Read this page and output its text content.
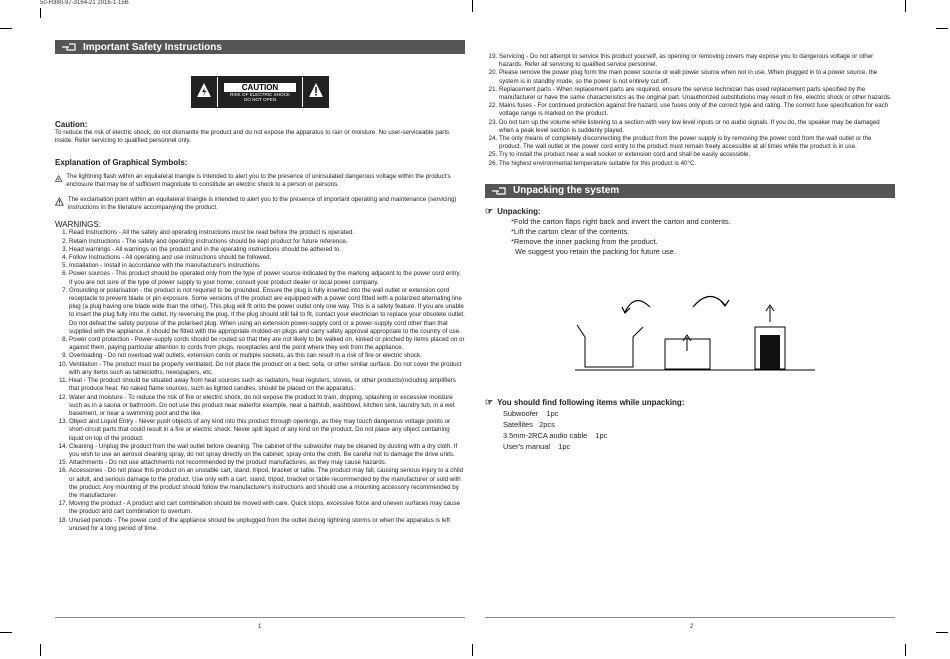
50-H380-97-3164-21 2016-1-15B
Important Safety Instructions
CAUTION
RISK OF ELECTRIC SHOCK
DO NOT OPEN
Caution:
To reduce the risk of electric shock, do not dismantle the product and do not expose the apparatus to rain or moisture. No user-serviceable parts inside. Refer servicing to qualified personnel only.
Explanation of Graphical Symbols:
The lightning flash within an equilateral triangle is intended to alert you to the presence of uninsulated dangerous voltage within the product's enclosure that may be of sufficient magnitude to constitute an electric shock to a person or persons.
The exclamation point within an equilateral triangle is intended to alert you to the presence of important operating and maintenance (servicing) instructions in the literature accompanying the product.
WARNINGS:
1. Read Instructions - All the safety and operating instructions must be read before the product is operated.
2. Retain Instructions - The safety and operating instructions should be kept product for future reference.
3. Head warnings - All warnings on the product and in the operating instructions should be adhered to.
4. Follow Instructions - All operating and use instructions should be followed.
5. Installation - Install in accordance with the manufacturer's instructions.
6. Power sources - This product should be operated only from the type of power source indicated by the marking adjacent to the power cord entry. If you are not sure of the type of power supply to your home, consult your product dealer or local power company.
7. Grounding or polarisation - the product is not required to be grounded. Ensure the plug is fully inserted into the wall outlet or extension cord receptacle to prevent blade or pin exposure. Some versions of the product are equipped with a power cord fitted with a polarized alternating line plug (a plug having one blade wide than the other). This plug will fit onto the power outlet only one way. This is a safety feature. If you are unable to insert the plug fully into the outlet, try reversing the plug. If the plug should still fail to fit, contact your electrician to replace your obsolete outlet. Do not defeat the safety purpose of the polarised plug. When using an extension power-supply cord or a power-supply cord other than that supplied with the appliance ,it should be fitted with the appropriate molded-on plugs and carry safety approval appropriate to the country of use.
8. Power cord protection - Power-supply cords should be routed so that they are not likely to be walked on, kinked or pinched by items placed on or against them, paying particular attention to cords from plugs, receptacles and the point where they exit from the appliance.
9. Overloading - Do not overload wall outlets, extension cords or multiple sockets, as this can result in a risk of fire or electric shock.
10. Ventilation - The product must be properly ventilated. Do not place the product on a bed, sofa, or other similar surface. Do not cover the product with any items such as tablecloths, newspapers, etc.
11. Heat - The product should be situated away from heat sources such as radiators, heat registers, stoves, or other products(including amplifiers that produce heat. No naked flame sources, such as lighted candles, should be placed on the apparatus.
12. Water and moisture - To reduce the risk of fire or electric shock, do not expose the product to train, dripping, splashing or excessive moisture such as in a sauna or bathroom. Do not use this product near waterfor example, near a bathtub, washbowl, kitchen sink, laundry tub, in a wet basement, or near a swimming pool and the like.
13. Object and Liquid Entry - Never push objects of any kind into this product through openings, as they may touch dangerous voltage points or short-circuit parts that could result in a fire or electric shock. Never spill liquid of any kind on the product. Do not place any object containing liquid on top of the product.
14. Cleaning - Unplug the product from the wall outlet before cleaning. The cabinet of the subwoofer may be cleaned by dusting with a dry cloth. If you wish to use an aerosol cleaning spray, do not spray directly on the cabinet; spray onto the cloth. Be careful not to damage the drive units.
15. Attachments - Do not use attachments not recommended by the product manufactures, as they may cause hazards.
16. Accessories - Do not place this product on an unstable cart, stand, tripod, bracket or table. The product may fall, causing serious injury to a child or adult, and serious damage to the product. Use only with a cart, stand, tripod, bracket or table recommended by the manufacturer or sold with the product. Any mounting of the product should follow the manufacturer's instructions and should use a mounting accessory recommended by the manufacturer.
17. Moving the product - A product and cart combination should be moved with care. Quick stops, excessive force and uneven surfaces may cause the product and cart combination to overturn.
18. Unused periods - The power cord of the appliance should be unplugged from the outlet during lightning storms or when the apparatus is left unused for a long period of time.
1
19. Servicing - Do not attempt to service this product yourself, as opening or removing covers may expose you to dangerous voltage or other hazards. Refer all servicing to qualified service personnel.
20. Please remove the power plug form the main power source or wall power source when not in use. When plugged in to a power source, the system is in standby mode, so the power is not entirely cut off.
21. Replacement parts - When replacement parts are required, ensure the service technician has used replacement parts specified by the manufacturer or have the same characteristics as the original part. Unauthorized substitutions may result in fire, electric shock or other hazards.
22. Mains fuses - For continued protection against fire hazard, use fuses only of the correct type and rating. The correct fuse specification for each voltage range is marked on the product.
23. Do not turn up the volume while listening to a section with very low level inputs or no audio signals. If you do, the speaker may be damaged when a peak level section is suddenly played.
24. The only means of completely disconnecting the product from the power supply is by removing the power cord from the wall outlet or the product. The wall outlet or the power cord entry to the product must remain freely accessible at all times while the product is in use.
25. Try to install the product near a wall socket or extension cord and shall be easily accessible.
26. The highest environmental temperature suitable for this product is 40°C.
Unpacking the system
☞ Unpacking:
*Fold the carton flaps right back and invert the carton and contents.
*Lift the carton clear of the contents.
*Remove the inner packing from the product.
We suggest you retain the packing for future use.
☞ You should find following items while unpacking:
Subwoofer    1pc
Satellites   2pcs
3.5mm-2RCA audio cable    1pc
User's manual    1pc
2
